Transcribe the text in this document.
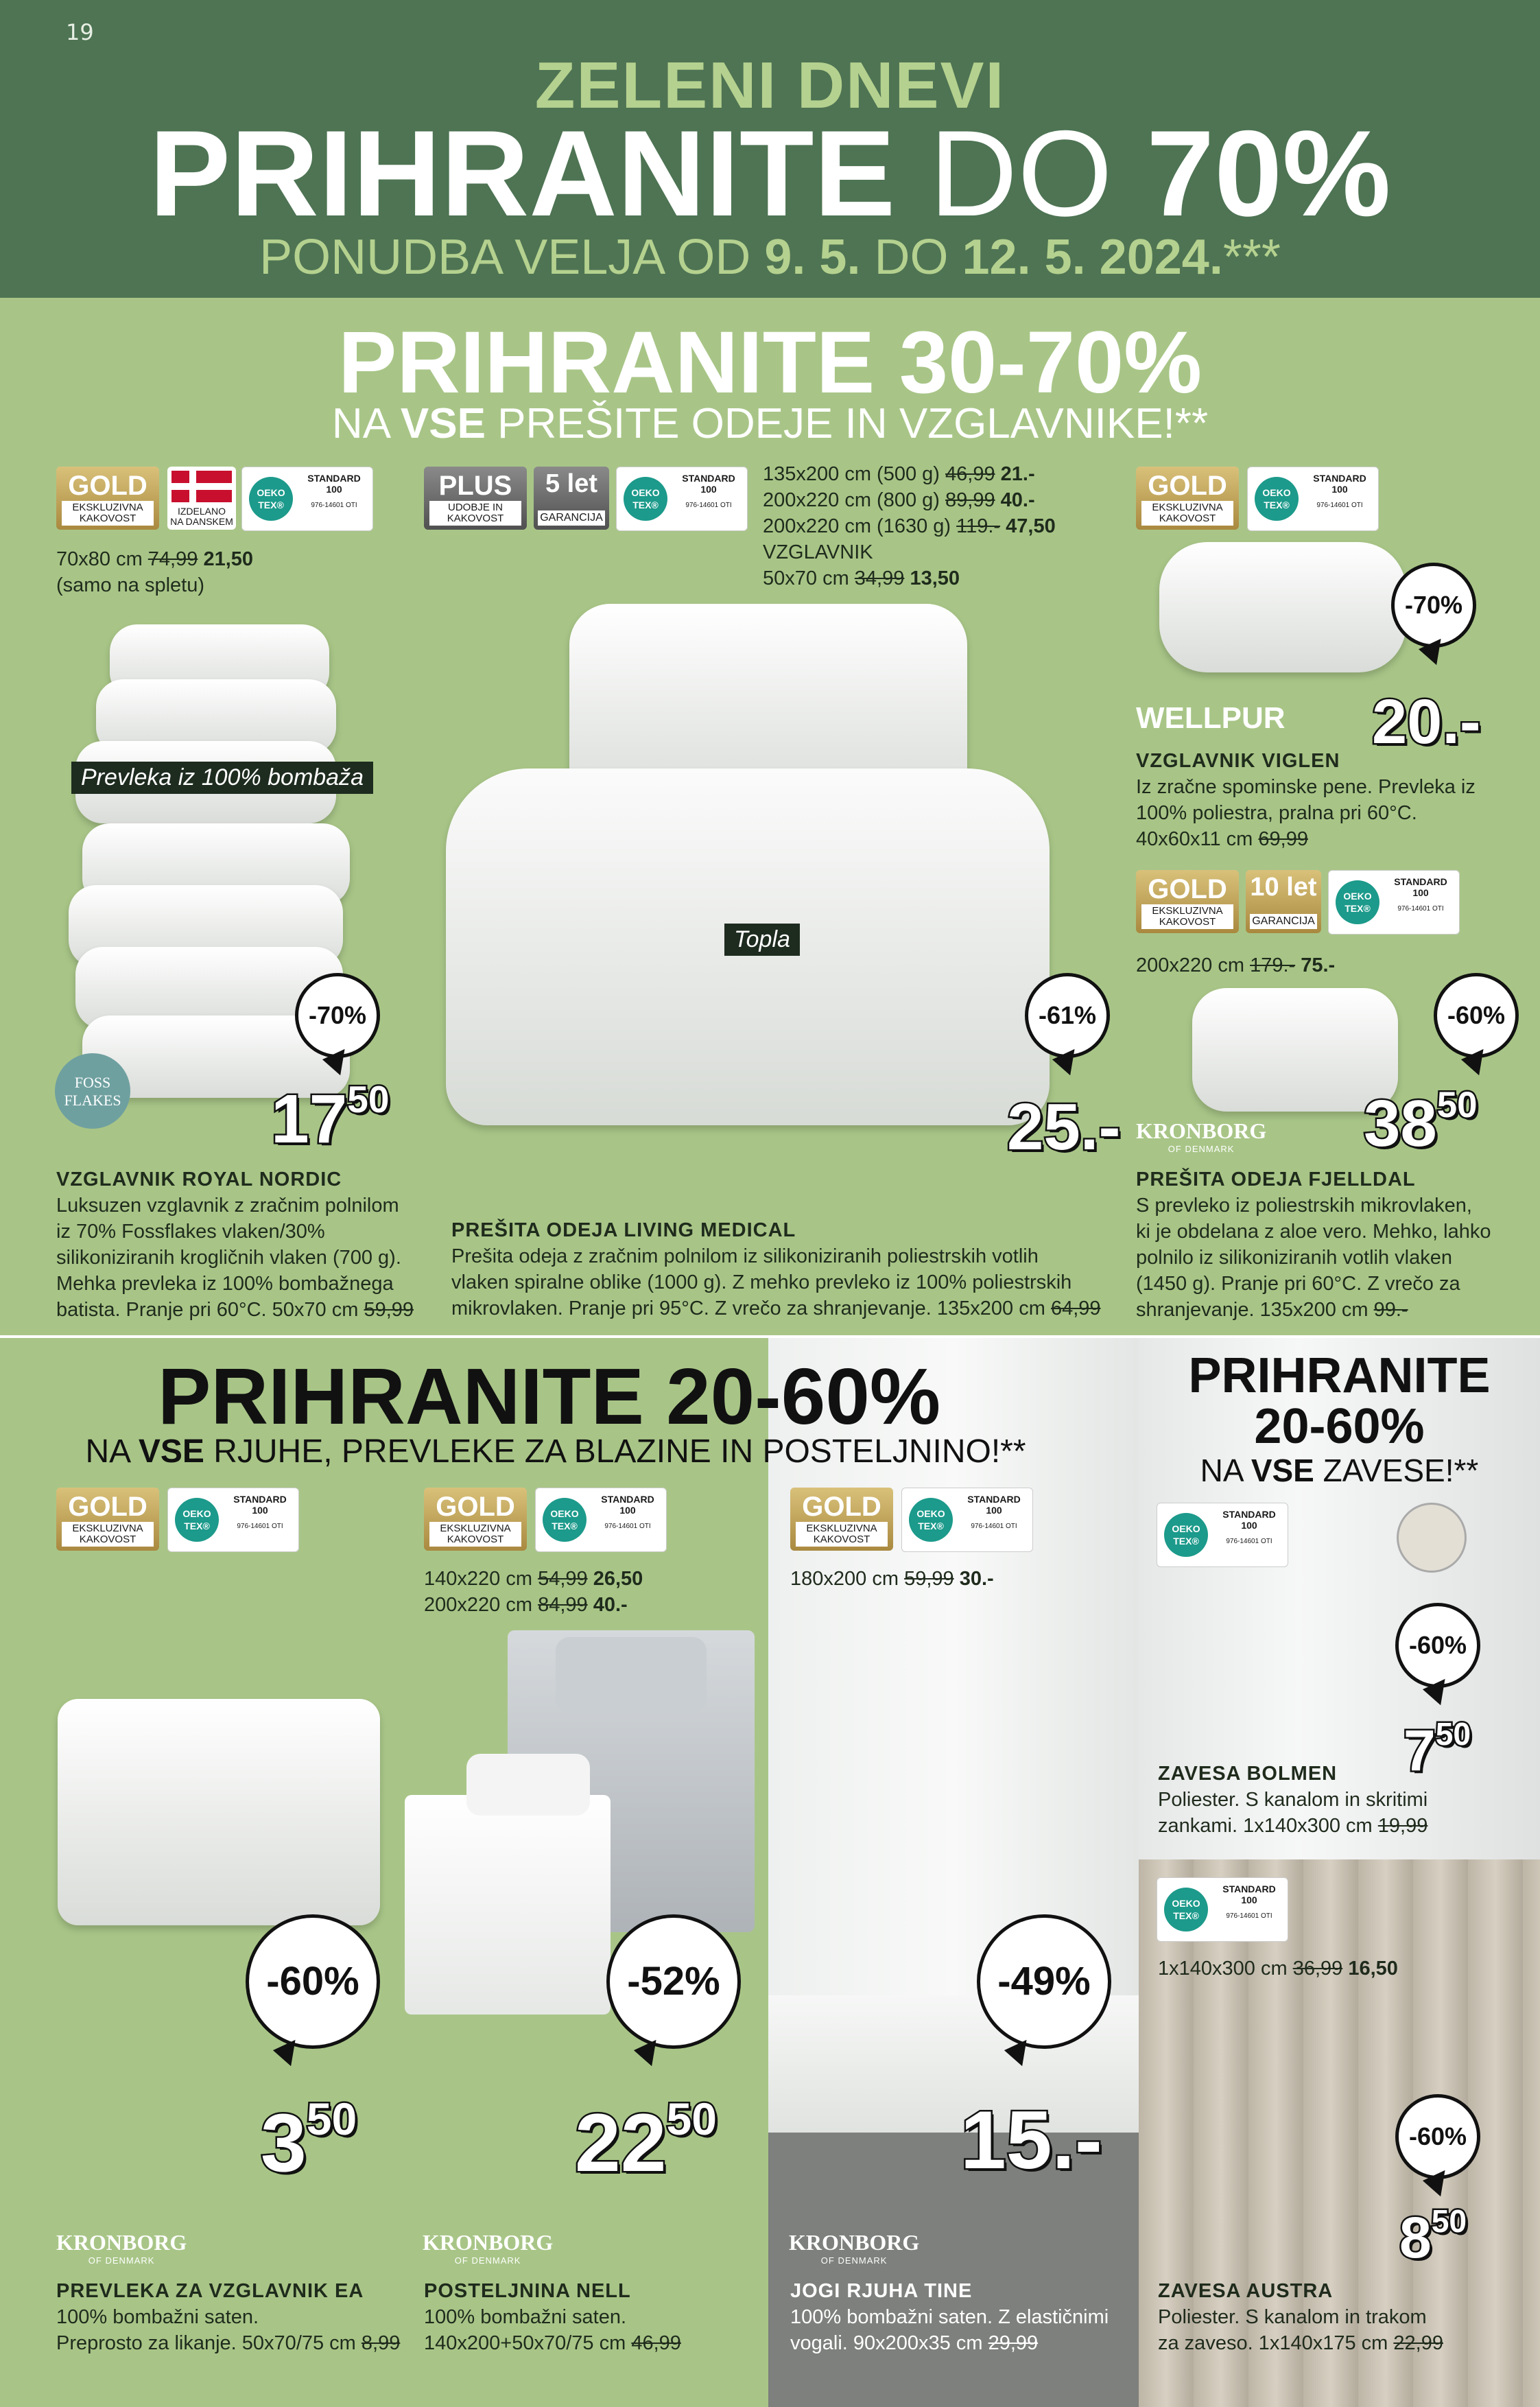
19
ZELENI DNEVI
PRIHRANITE DO 70%
PONUDBA VELJA OD 9. 5. DO 12. 5. 2024.***
PRIHRANITE 30-70%
NA VSE PREŠITE ODEJE IN VZGLAVNIKE!**
GOLD
EKSKLUZIVNA KAKOVOST
IZDELANO NA DANSKEM
OEKO TEX®
STANDARD 100
976-14601 OTI
70x80 cm 74,99 21,50
(samo na spletu)
Prevleka iz 100% bombaža
FOSS FLAKES
-70%
$17^{50}$
VZGLAVNIK ROYAL NORDIC
Luksuzen vzglavnik z zračnim polnilom
iz 70% Fossflakes vlaken/30%
silikoniziranih krogličnih vlaken (700 g).
Mehka prevleka iz 100% bombažnega
batista. Pranje pri 60°C. 50x70 cm 59,99
PLUS
UDOBJE IN KAKOVOST
5 let
GARANCIJA
OEKO TEX®
STANDARD 100
976-14601 OTI
135x200 cm (500 g) 46,99 21.-
200x220 cm (800 g) 89,99 40.-
200x220 cm (1630 g) 119.- 47,50
VZGLAVNIK
50x70 cm 34,99 13,50
Topla
-61%
25.-
PREŠITA ODEJA LIVING MEDICAL
Prešita odeja z zračnim polnilom iz silikoniziranih poliestrskih votlih
vlaken spiralne oblike (1000 g). Z mehko prevleko iz 100% poliestrskih
mikrovlaken. Pranje pri 95°C. Z vrečo za shranjevanje. 135x200 cm 64,99
GOLD
EKSKLUZIVNA KAKOVOST
OEKO TEX®
STANDARD 100
976-14601 OTI
-70%
WELLPUR 20.-
VZGLAVNIK VIGLEN
Iz zračne spominske pene. Prevleka iz
100% poliestra, pralna pri 60°C.
40x60x11 cm 69,99
GOLD
EKSKLUZIVNA KAKOVOST
10 let
GARANCIJA
OEKO TEX®
STANDARD 100
976-14601 OTI
200x220 cm 179.- 75.-
-60%
KRONBORG
OF DENMARK	$38^{50}$
PREŠITA ODEJA FJELLDAL
S prevleko iz poliestrskih mikrovlaken,
ki je obdelana z aloe vero. Mehko, lahko
polnilo iz silikoniziranih votlih vlaken
(1450 g). Pranje pri 60°C. Z vrečo za
shranjevanje. 135x200 cm 99.-
PRIHRANITE 20-60%
NA VSE RJUHE, PREVLEKE ZA BLAZINE IN POSTELJNINO!**
GOLD
EKSKLUZIVNA KAKOVOST
OEKO TEX®
STANDARD 100
976-14601 OTI
-60%
$3^{50}$
KRONBORG
OF DENMARK
PREVLEKA ZA VZGLAVNIK EA
100% bombažni saten.
Preprosto za likanje. 50x70/75 cm 8,99
GOLD
EKSKLUZIVNA KAKOVOST
OEKO TEX®
STANDARD 100
976-14601 OTI
140x220 cm 54,99 26,50
200x220 cm 84,99 40.-
-52%
$22^{50}$
KRONBORG
OF DENMARK
POSTELJNINA NELL
100% bombažni saten.
140x200+50x70/75 cm 46,99
GOLD
EKSKLUZIVNA KAKOVOST
OEKO TEX®
STANDARD 100
976-14601 OTI
180x200 cm 59,99 30.-
-49%
15.-
KRONBORG
OF DENMARK
JOGI RJUHA TINE
100% bombažni saten. Z elastičnimi
vogali. 90x200x35 cm 29,99
PRIHRANITE
20-60%
NA VSE ZAVESE!**
OEKO TEX®
STANDARD 100
976-14601 OTI
-60%
$7^{50}$
ZAVESA BOLMEN
Poliester. S kanalom in skritimi
zankami. 1x140x300 cm 19,99
OEKO TEX®
STANDARD 100
976-14601 OTI
1x140x300 cm 36,99 16,50
-60%
$8^{50}$
ZAVESA AUSTRA
Poliester. S kanalom in trakom
za zaveso. 1x140x175 cm 22,99
